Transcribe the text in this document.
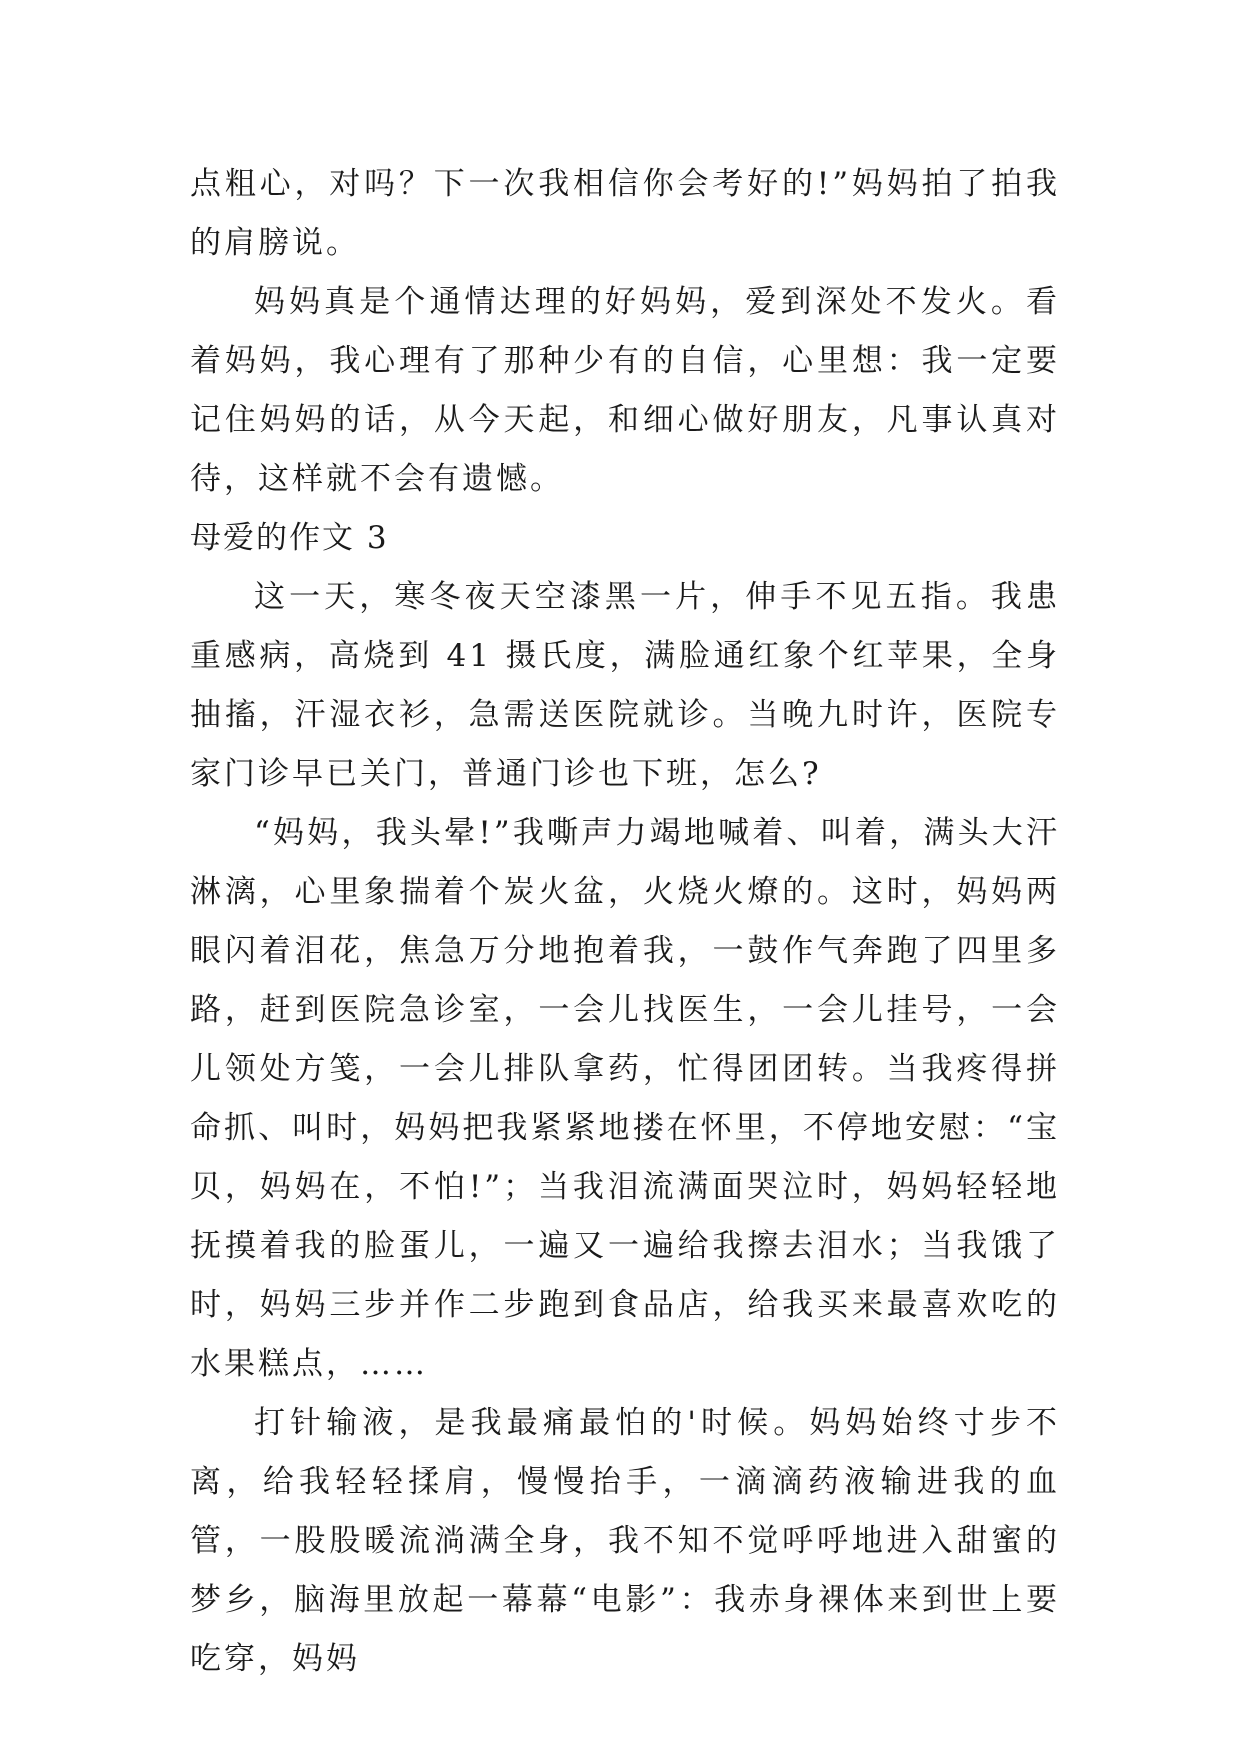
点粗心，对吗？下一次我相信你会考好的!”妈妈拍了拍我的肩膀说。

妈妈真是个通情达理的好妈妈，爱到深处不发火。看着妈妈，我心理有了那种少有的自信，心里想：我一定要记住妈妈的话，从今天起，和细心做好朋友，凡事认真对待，这样就不会有遗憾。

母爱的作文 3

这一天，寒冬夜天空漆黑一片，伸手不见五指。我患重感病，高烧到 41 摄氏度，满脸通红象个红苹果，全身抽搐，汗湿衣衫，急需送医院就诊。当晚九时许，医院专家门诊早已关门，普通门诊也下班，怎么?

“妈妈，我头晕!”我嘶声力竭地喊着、叫着，满头大汗淋漓，心里象揣着个炭火盆，火烧火燎的。这时，妈妈两眼闪着泪花，焦急万分地抱着我，一鼓作气奔跑了四里多路，赶到医院急诊室，一会儿找医生，一会儿挂号，一会儿领处方笺，一会儿排队拿药，忙得团团转。当我疼得拼命抓、叫时，妈妈把我紧紧地搂在怀里，不停地安慰：“宝贝，妈妈在，不怕!”；当我泪流满面哭泣时，妈妈轻轻地抚摸着我的脸蛋儿，一遍又一遍给我擦去泪水；当我饿了时，妈妈三步并作二步跑到食品店，给我买来最喜欢吃的水果糕点，……

打针输液，是我最痛最怕的'时候。妈妈始终寸步不离，给我轻轻揉肩，慢慢抬手，一滴滴药液输进我的血管，一股股暖流淌满全身，我不知不觉呼呼地进入甜蜜的梦乡，脑海里放起一幕幕“电影”：我赤身裸体来到世上要吃穿，妈妈
